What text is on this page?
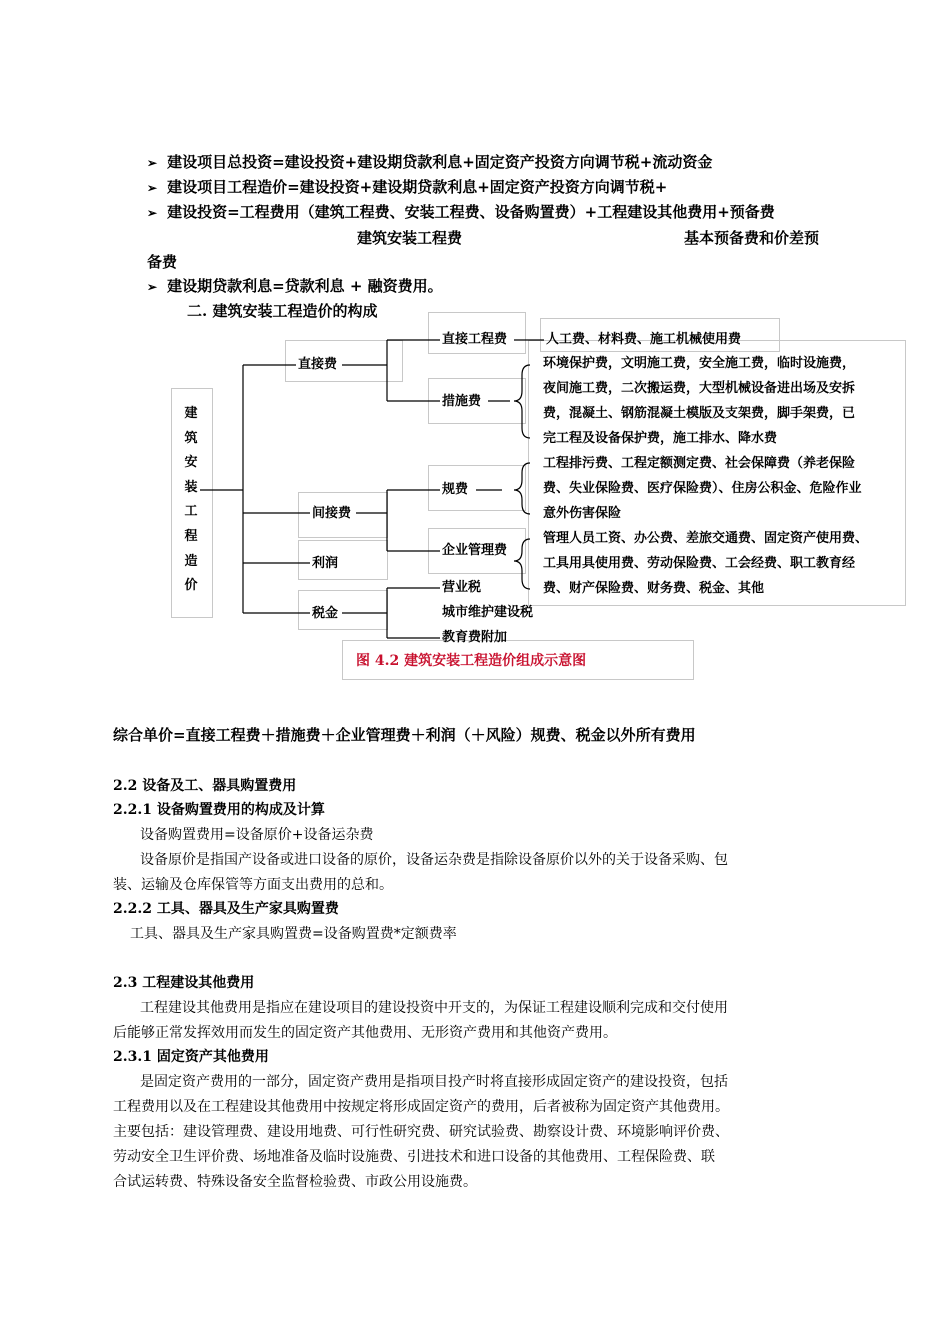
➢ 建设项目总投资=建设投资+建设期贷款利息+固定资产投资方向调节税+流动资金
➢ 建设项目工程造价=建设投资+建设期贷款利息+固定资产投资方向调节税+
➢ 建设投资=工程费用（建筑工程费、安装工程费、设备购置费）+工程建设其他费用+预备费
建筑安装工程费	基本预备费和价差预
备费
➢ 建设期贷款利息=贷款利息 + 融资费用。
二. 建筑安装工程造价的构成
建筑安装工程造价
直接费
间接费
利润
税金
直接工程费
措施费
规费
企业管理费
营业税
城市维护建设税
教育费附加
人工费、材料费、施工机械使用费
环境保护费，文明施工费，安全施工费，临时设施费，
夜间施工费，二次搬运费，大型机械设备进出场及安拆
费，混凝土、钢筋混凝土模版及支架费，脚手架费，已
完工程及设备保护费，施工排水、降水费
工程排污费、工程定额测定费、社会保障费（养老保险
费、失业保险费、医疗保险费）、住房公积金、危险作业
意外伤害保险
管理人员工资、办公费、差旅交通费、固定资产使用费、
工具用具使用费、劳动保险费、工会经费、职工教育经
费、财产保险费、财务费、税金、其他
图 4.2 建筑安装工程造价组成示意图
综合单价=直接工程费＋措施费＋企业管理费＋利润（＋风险）规费、税金以外所有费用
2.2 设备及工、器具购置费用
2.2.1 设备购置费用的构成及计算
设备购置费用=设备原价+设备运杂费
设备原价是指国产设备或进口设备的原价，设备运杂费是指除设备原价以外的关于设备采购、包
装、运输及仓库保管等方面支出费用的总和。
2.2.2 工具、器具及生产家具购置费
工具、器具及生产家具购置费=设备购置费*定额费率
2.3 工程建设其他费用
工程建设其他费用是指应在建设项目的建设投资中开支的，为保证工程建设顺利完成和交付使用
后能够正常发挥效用而发生的固定资产其他费用、无形资产费用和其他资产费用。
2.3.1 固定资产其他费用
是固定资产费用的一部分，固定资产费用是指项目投产时将直接形成固定资产的建设投资，包括
工程费用以及在工程建设其他费用中按规定将形成固定资产的费用，后者被称为固定资产其他费用。
主要包括：建设管理费、建设用地费、可行性研究费、研究试验费、勘察设计费、环境影响评价费、
劳动安全卫生评价费、场地准备及临时设施费、引进技术和进口设备的其他费用、工程保险费、联
合试运转费、特殊设备安全监督检验费、市政公用设施费。
